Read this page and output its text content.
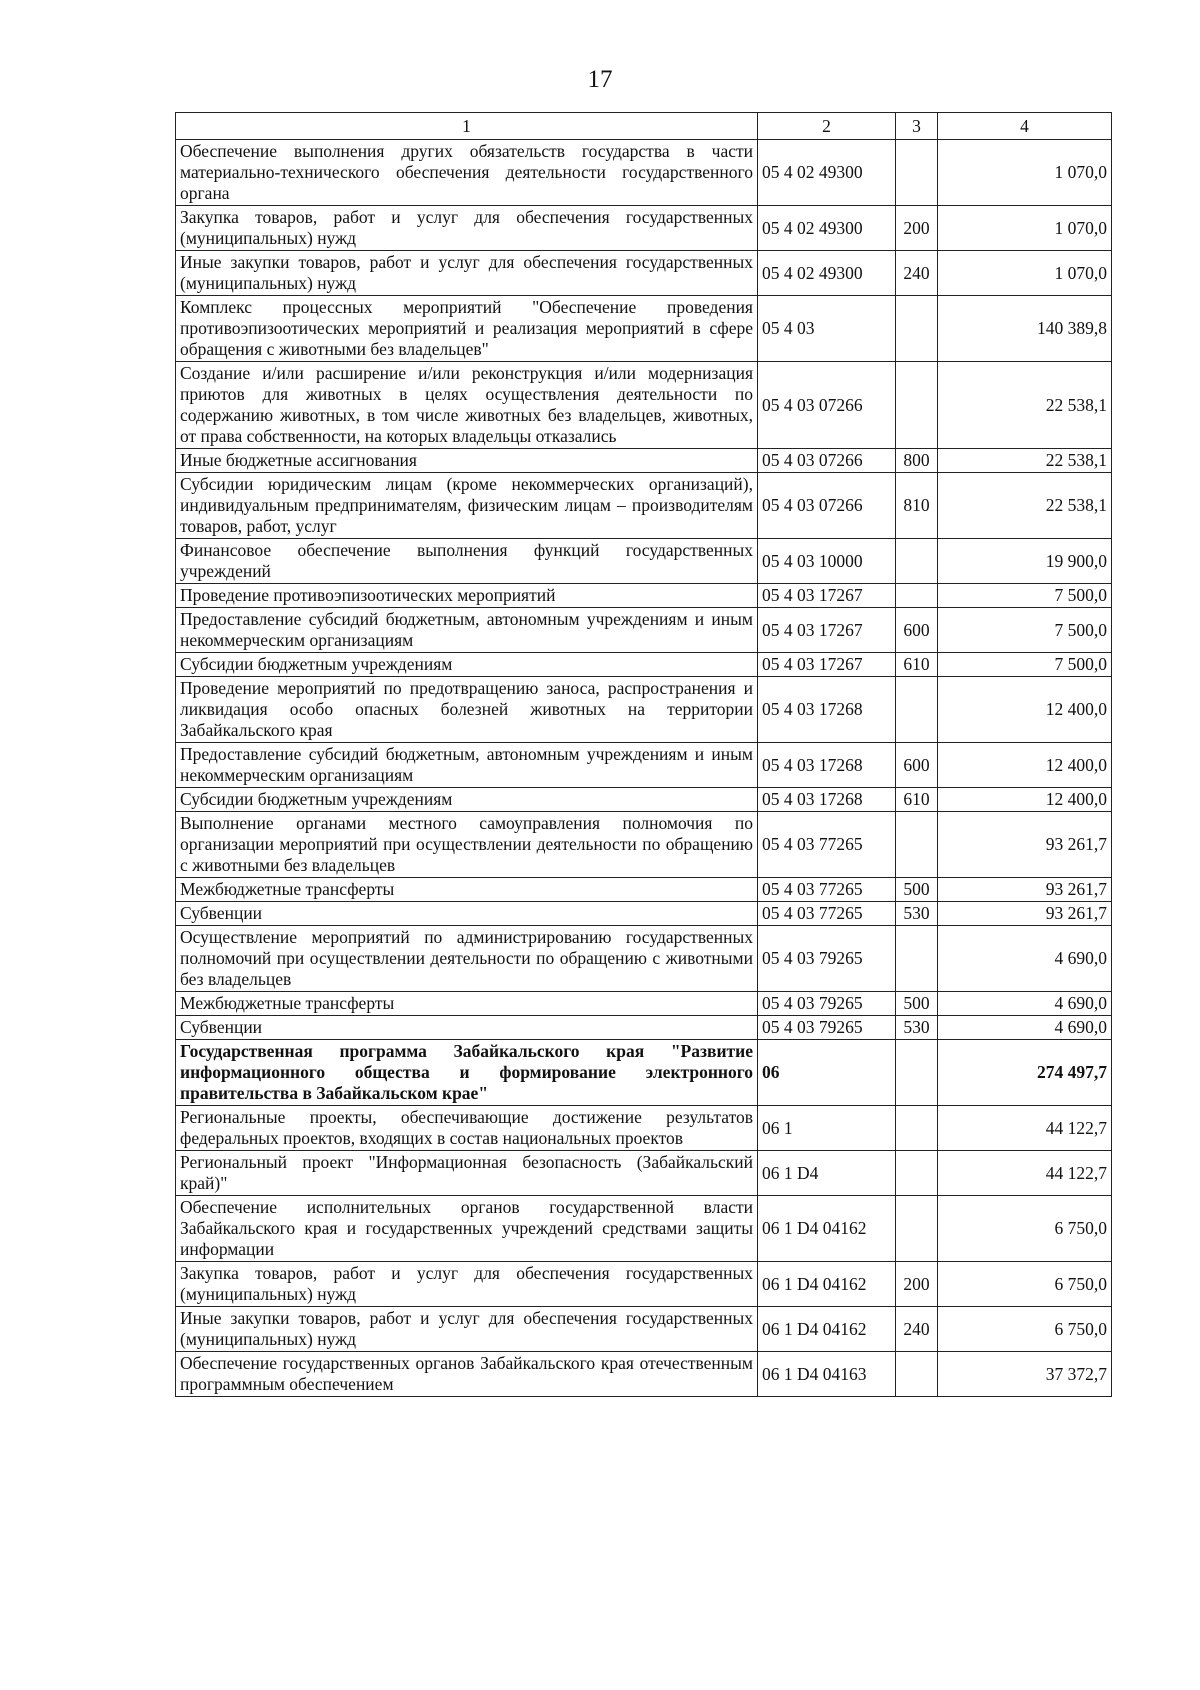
17
1	2	3	4
Обеспечение выполнения других обязательств государства в части материально-технического обеспечения деятельности государственного органа	05 4 02 49300		1 070,0
Закупка товаров, работ и услуг для обеспечения государственных (муниципальных) нужд	05 4 02 49300	200	1 070,0
Иные закупки товаров, работ и услуг для обеспечения государственных (муниципальных) нужд	05 4 02 49300	240	1 070,0
Комплекс процессных мероприятий "Обеспечение проведения противоэпизоотических мероприятий и реализация мероприятий в сфере обращения с животными без владельцев"	05 4 03		140 389,8
Создание и/или расширение и/или реконструкция и/или модернизация приютов для животных в целях осуществления деятельности по содержанию животных, в том числе животных без владельцев, животных, от права собственности, на которых владельцы отказались	05 4 03 07266		22 538,1
Иные бюджетные ассигнования	05 4 03 07266	800	22 538,1
Субсидии юридическим лицам (кроме некоммерческих организаций), индивидуальным предпринимателям, физическим лицам – производителям товаров, работ, услуг	05 4 03 07266	810	22 538,1
Финансовое обеспечение выполнения функций государственных учреждений	05 4 03 10000		19 900,0
Проведение противоэпизоотических мероприятий	05 4 03 17267		7 500,0
Предоставление субсидий бюджетным, автономным учреждениям и иным некоммерческим организациям	05 4 03 17267	600	7 500,0
Субсидии бюджетным учреждениям	05 4 03 17267	610	7 500,0
Проведение мероприятий по предотвращению заноса, распространения и ликвидация особо опасных болезней животных на территории Забайкальского края	05 4 03 17268		12 400,0
Предоставление субсидий бюджетным, автономным учреждениям и иным некоммерческим организациям	05 4 03 17268	600	12 400,0
Субсидии бюджетным учреждениям	05 4 03 17268	610	12 400,0
Выполнение органами местного самоуправления полномочия по организации мероприятий при осуществлении деятельности по обращению с животными без владельцев	05 4 03 77265		93 261,7
Межбюджетные трансферты	05 4 03 77265	500	93 261,7
Субвенции	05 4 03 77265	530	93 261,7
Осуществление мероприятий по администрированию государственных полномочий при осуществлении деятельности по обращению с животными без владельцев	05 4 03 79265		4 690,0
Межбюджетные трансферты	05 4 03 79265	500	4 690,0
Субвенции	05 4 03 79265	530	4 690,0
Государственная программа Забайкальского края "Развитие информационного общества и формирование электронного правительства в Забайкальском крае"	06		274 497,7
Региональные проекты, обеспечивающие достижение результатов федеральных проектов, входящих в состав национальных проектов	06 1		44 122,7
Региональный проект "Информационная безопасность (Забайкальский край)"	06 1 D4		44 122,7
Обеспечение исполнительных органов государственной власти Забайкальского края и государственных учреждений средствами защиты информации	06 1 D4 04162		6 750,0
Закупка товаров, работ и услуг для обеспечения государственных (муниципальных) нужд	06 1 D4 04162	200	6 750,0
Иные закупки товаров, работ и услуг для обеспечения государственных (муниципальных) нужд	06 1 D4 04162	240	6 750,0
Обеспечение государственных органов Забайкальского края отечественным программным обеспечением	06 1 D4 04163		37 372,7
